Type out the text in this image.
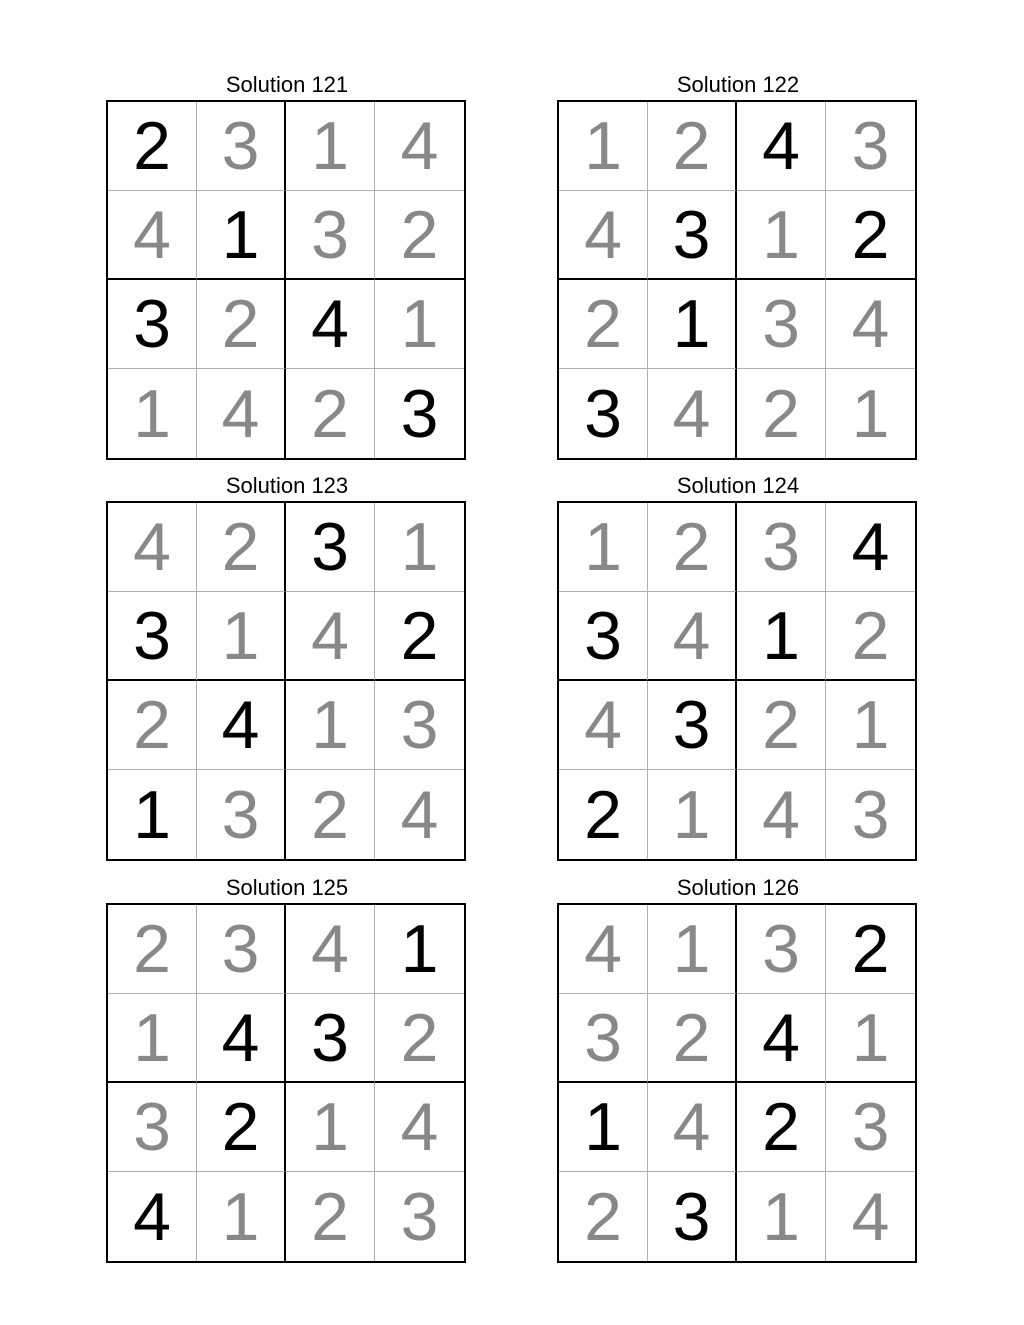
Solution 121
2 3 1 4
4 1 3 2
3 2 4 1
1 4 2 3
Solution 122
1 2 4 3
4 3 1 2
2 1 3 4
3 4 2 1
Solution 123
4 2 3 1
3 1 4 2
2 4 1 3
1 3 2 4
Solution 124
1 2 3 4
3 4 1 2
4 3 2 1
2 1 4 3
Solution 125
2 3 4 1
1 4 3 2
3 2 1 4
4 1 2 3
Solution 126
4 1 3 2
3 2 4 1
1 4 2 3
2 3 1 4
